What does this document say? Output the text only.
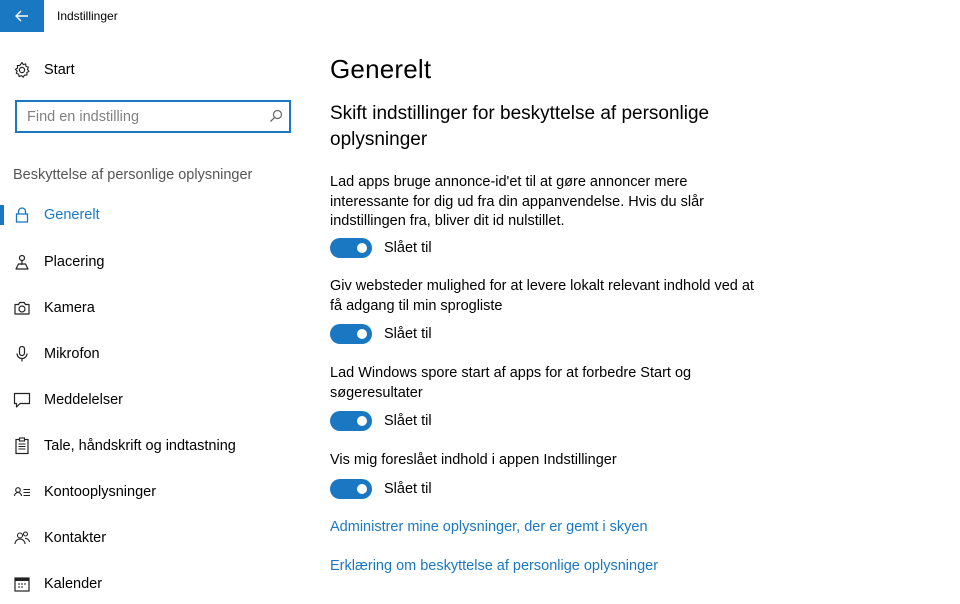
Indstillinger
Start
Find en indstilling
Beskyttelse af personlige oplysninger
Generelt
Placering
Kamera
Mikrofon
Meddelelser
Tale, håndskrift og indtastning
Kontooplysninger
Kontakter
Kalender
Generelt
Skift indstillinger for beskyttelse af personlige oplysninger
Lad apps bruge annonce-id'et til at gøre annoncer mere interessante for dig ud fra din appanvendelse. Hvis du slår indstillingen fra, bliver dit id nulstillet.
Slået til
Giv websteder mulighed for at levere lokalt relevant indhold ved at få adgang til min sprogliste
Slået til
Lad Windows spore start af apps for at forbedre Start og søgeresultater
Slået til
Vis mig foreslået indhold i appen Indstillinger
Slået til
Administrer mine oplysninger, der er gemt i skyen
Erklæring om beskyttelse af personlige oplysninger
